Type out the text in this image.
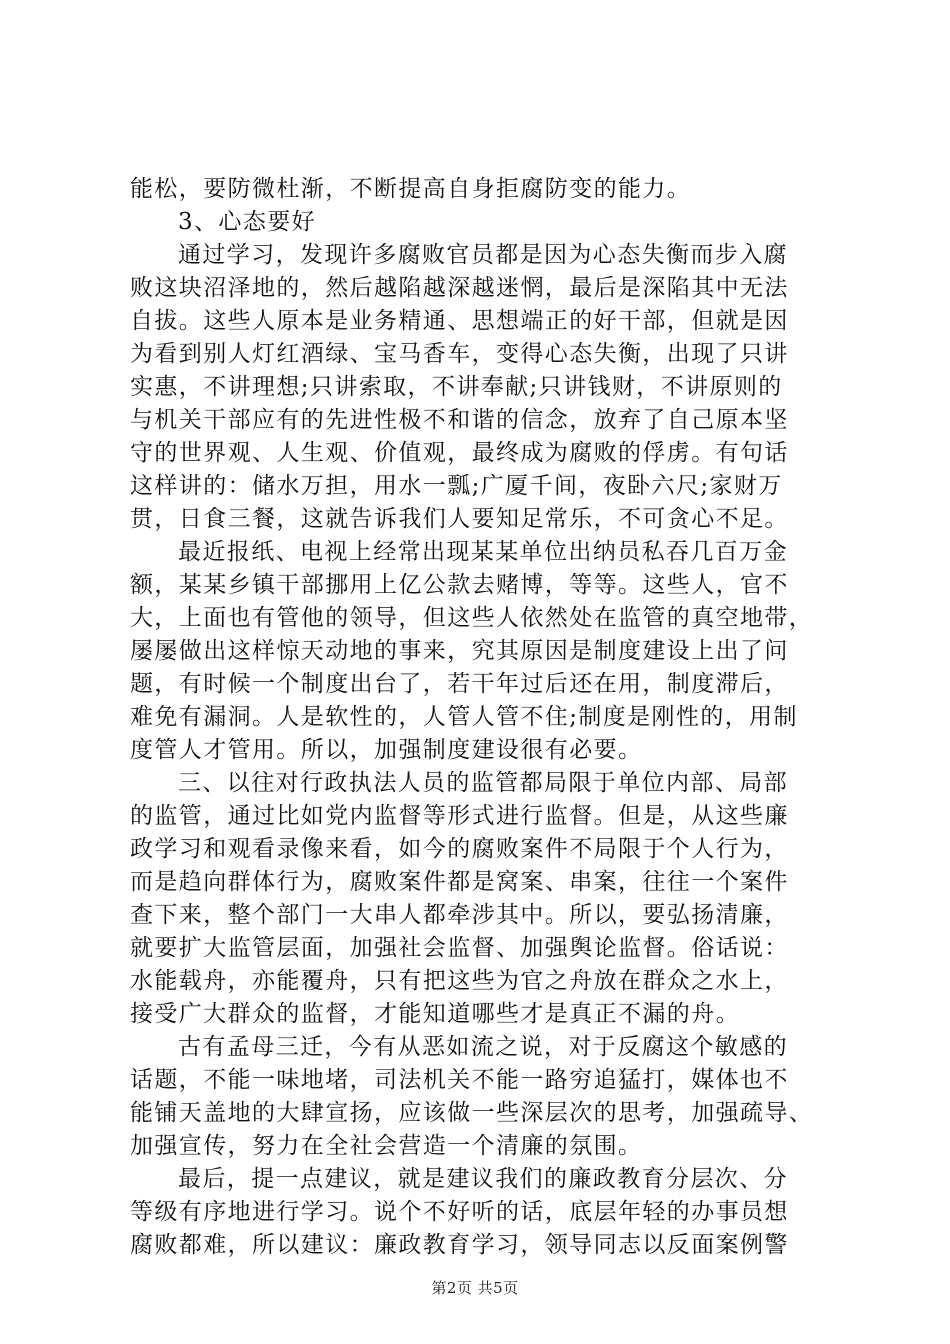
能松，要防微杜渐，不断提高自身拒腐防变的能力。
3、心态要好
通过学习，发现许多腐败官员都是因为心态失衡而步入腐
败这块沼泽地的，然后越陷越深越迷惘，最后是深陷其中无法
自拔。这些人原本是业务精通、思想端正的好干部，但就是因
为看到别人灯红酒绿、宝马香车，变得心态失衡，出现了只讲
实惠，不讲理想;只讲索取，不讲奉献;只讲钱财，不讲原则的
与机关干部应有的先进性极不和谐的信念，放弃了自己原本坚
守的世界观、人生观、价值观，最终成为腐败的俘虏。有句话
这样讲的：储水万担，用水一瓢;广厦千间，夜卧六尺;家财万
贯，日食三餐，这就告诉我们人要知足常乐，不可贪心不足。
最近报纸、电视上经常出现某某单位出纳员私吞几百万金
额，某某乡镇干部挪用上亿公款去赌博，等等。这些人，官不
大，上面也有管他的领导，但这些人依然处在监管的真空地带，
屡屡做出这样惊天动地的事来，究其原因是制度建设上出了问
题，有时候一个制度出台了，若干年过后还在用，制度滞后，
难免有漏洞。人是软性的，人管人管不住;制度是刚性的，用制
度管人才管用。所以，加强制度建设很有必要。
三、以往对行政执法人员的监管都局限于单位内部、局部
的监管，通过比如党内监督等形式进行监督。但是，从这些廉
政学习和观看录像来看，如今的腐败案件不局限于个人行为，
而是趋向群体行为，腐败案件都是窝案、串案，往往一个案件
查下来，整个部门一大串人都牵涉其中。所以，要弘扬清廉，
就要扩大监管层面，加强社会监督、加强舆论监督。俗话说：
水能载舟，亦能覆舟，只有把这些为官之舟放在群众之水上，
接受广大群众的监督，才能知道哪些才是真正不漏的舟。
古有孟母三迁，今有从恶如流之说，对于反腐这个敏感的
话题，不能一味地堵，司法机关不能一路穷追猛打，媒体也不
能铺天盖地的大肆宣扬，应该做一些深层次的思考，加强疏导、
加强宣传，努力在全社会营造一个清廉的氛围。
最后，提一点建议，就是建议我们的廉政教育分层次、分
等级有序地进行学习。说个不好听的话，底层年轻的办事员想
腐败都难，所以建议：廉政教育学习，领导同志以反面案例警
第2页 共5页
